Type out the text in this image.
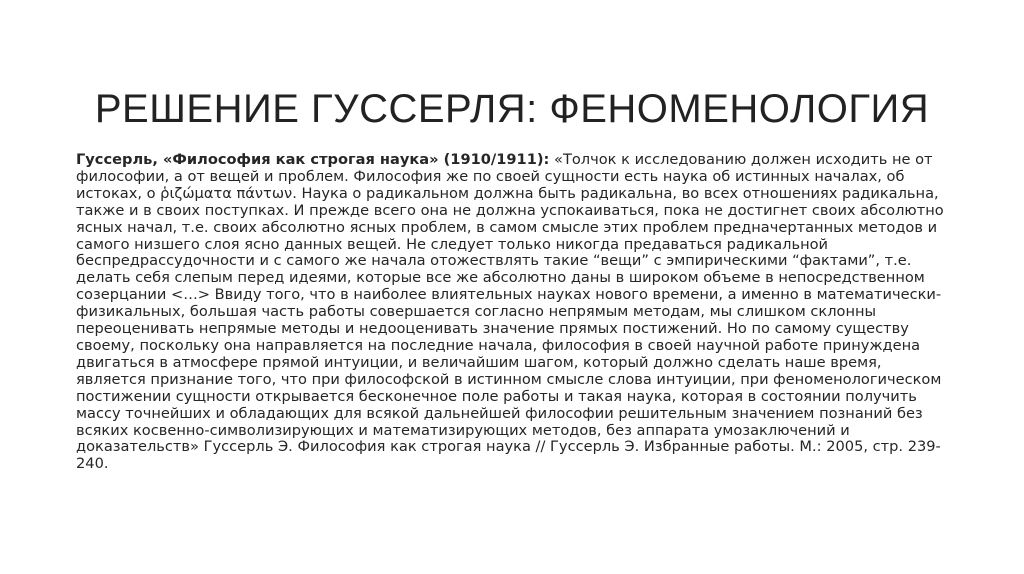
РЕШЕНИЕ ГУССЕРЛЯ: ФЕНОМЕНОЛОГИЯ

Гуссерль, «Философия как строгая наука» (1910/1911): «Толчок к исследованию должен исходить не от философии, а от вещей и проблем. Философия же по своей сущности есть наука об истинных началах, об истоках, о ῥιζώματα πάντων. Наука о радикальном должна быть радикальна, во всех отношениях радикальна, также и в своих поступках. И прежде всего она не должна успокаиваться, пока не достигнет своих абсолютно ясных начал, т.е. своих абсолютно ясных проблем, в самом смысле этих проблем предначертанных методов и самого низшего слоя ясно данных вещей. Не следует только никогда предаваться радикальной беспредрассудочности и с самого же начала отожествлять такие “вещи” с эмпирическими “фактами”, т.е. делать себя слепым перед идеями, которые все же абсолютно даны в широком объеме в непосредственном созерцании <…> Ввиду того, что в наиболее влиятельных науках нового времени, а именно в математически-физикальных, большая часть работы совершается согласно непрямым методам, мы слишком склонны переоценивать непрямые методы и недооценивать значение прямых постижений. Но по самому существу своему, поскольку она направляется на последние начала, философия в своей научной работе принуждена двигаться в атмосфере прямой интуиции, и величайшим шагом, который должно сделать наше время, является признание того, что при философской в истинном смысле слова интуиции, при феноменологическом постижении сущности открывается бесконечное поле работы и такая наука, которая в состоянии получить массу точнейших и обладающих для всякой дальнейшей философии решительным значением познаний без всяких косвенно-символизирующих и математизирующих методов, без аппарата умозаключений и доказательств» Гуссерль Э. Философия как строгая наука // Гуссерль Э. Избранные работы. М.: 2005, стр. 239-240.
